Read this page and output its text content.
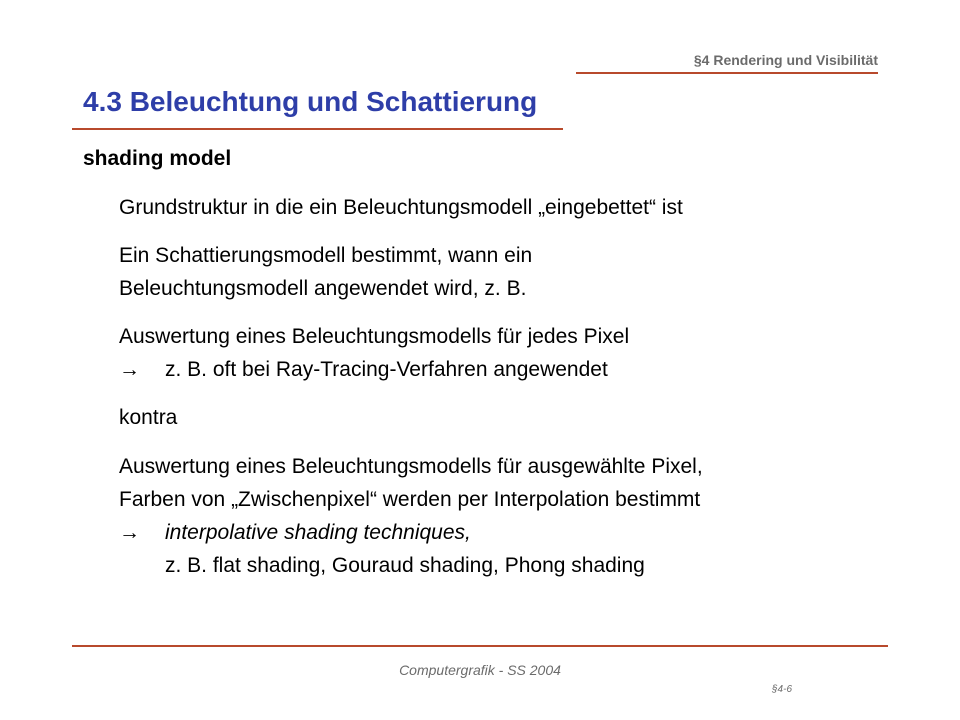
§4 Rendering und Visibilität
4.3 Beleuchtung und Schattierung
shading model
Grundstruktur in die ein Beleuchtungsmodell „eingebettet“ ist
Ein Schattierungsmodell bestimmt, wann ein
Beleuchtungsmodell angewendet wird, z. B.
Auswertung eines Beleuchtungsmodells für jedes Pixel
→ z. B. oft bei Ray-Tracing-Verfahren angewendet
kontra
Auswertung eines Beleuchtungsmodells für ausgewählte Pixel,
Farben von „Zwischenpixel“ werden per Interpolation bestimmt
→ interpolative shading techniques,
z. B. flat shading, Gouraud shading, Phong shading
Computergrafik - SS 2004
§4-6
